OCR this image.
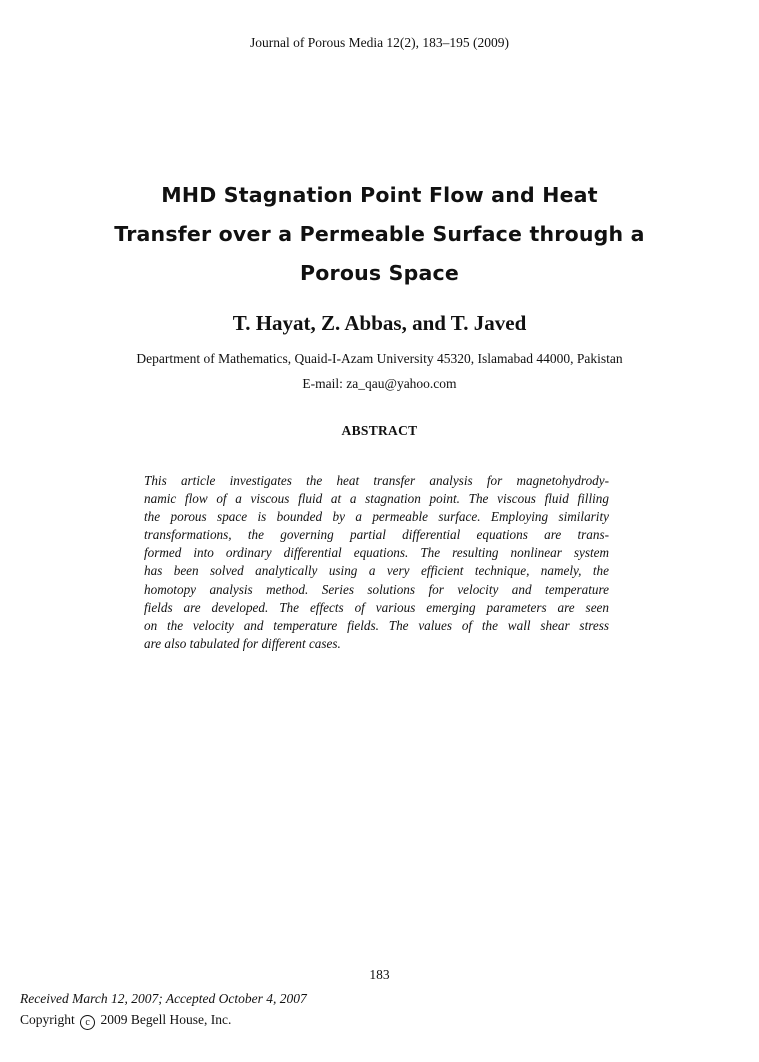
Journal of Porous Media 12(2), 183–195 (2009)
MHD Stagnation Point Flow and Heat
Transfer over a Permeable Surface through a
Porous Space
T. Hayat, Z. Abbas, and T. Javed
Department of Mathematics, Quaid-I-Azam University 45320, Islamabad 44000, Pakistan
E-mail: za_qau@yahoo.com
ABSTRACT
This article investigates the heat transfer analysis for magnetohydrody-
namic flow of a viscous fluid at a stagnation point. The viscous fluid filling
the porous space is bounded by a permeable surface. Employing similarity
transformations, the governing partial differential equations are trans-
formed into ordinary differential equations. The resulting nonlinear system
has been solved analytically using a very efficient technique, namely, the
homotopy analysis method. Series solutions for velocity and temperature
fields are developed. The effects of various emerging parameters are seen
on the velocity and temperature fields. The values of the wall shear stress
are also tabulated for different cases.
183
Received March 12, 2007; Accepted October 4, 2007
Copyright c 2009 Begell House, Inc.
